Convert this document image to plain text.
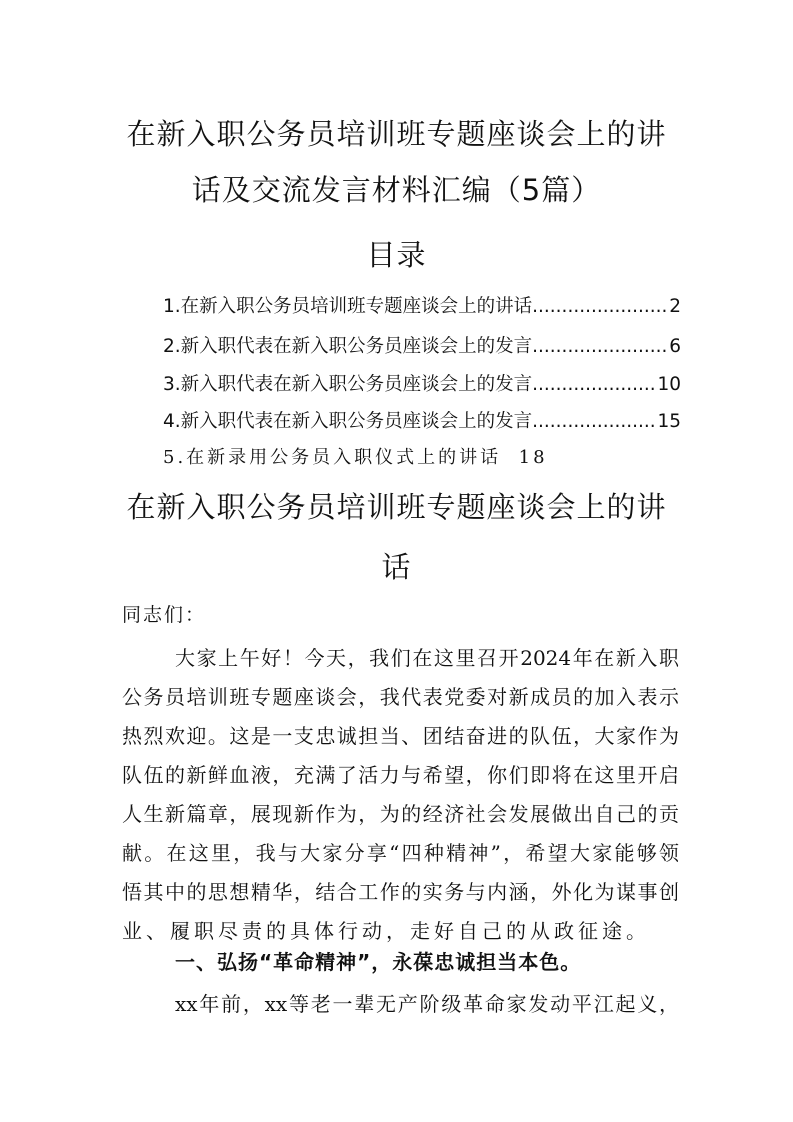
在新入职公务员培训班专题座谈会上的讲
话及交流发言材料汇编（5篇）
目录
1.在新入职公务员培训班专题座谈会上的讲话 .....	2
2.新入职代表在新入职公务员座谈会上的发言 .....	6
3.新入职代表在新入职公务员座谈会上的发言 .....	10
4.新入职代表在新入职公务员座谈会上的发言 .....	15
5.在新录用公务员入职仪式上的讲话 18
在新入职公务员培训班专题座谈会上的讲
话
同志们：
大家上午好！今天，我们在这里召开2024年在新入职
公务员培训班专题座谈会，我代表党委对新成员的加入表示
热烈欢迎。这是一支忠诚担当、团结奋进的队伍，大家作为
队伍的新鲜血液，充满了活力与希望，你们即将在这里开启
人生新篇章，展现新作为，为的经济社会发展做出自己的贡
献。在这里，我与大家分享“四种精神”，希望大家能够领
悟其中的思想精华，结合工作的实务与内涵，外化为谋事创
业、履职尽责的具体行动，走好自己的从政征途。
一、弘扬“革命精神”，永葆忠诚担当本色。
xx年前，xx等老一辈无产阶级革命家发动平江起义，
